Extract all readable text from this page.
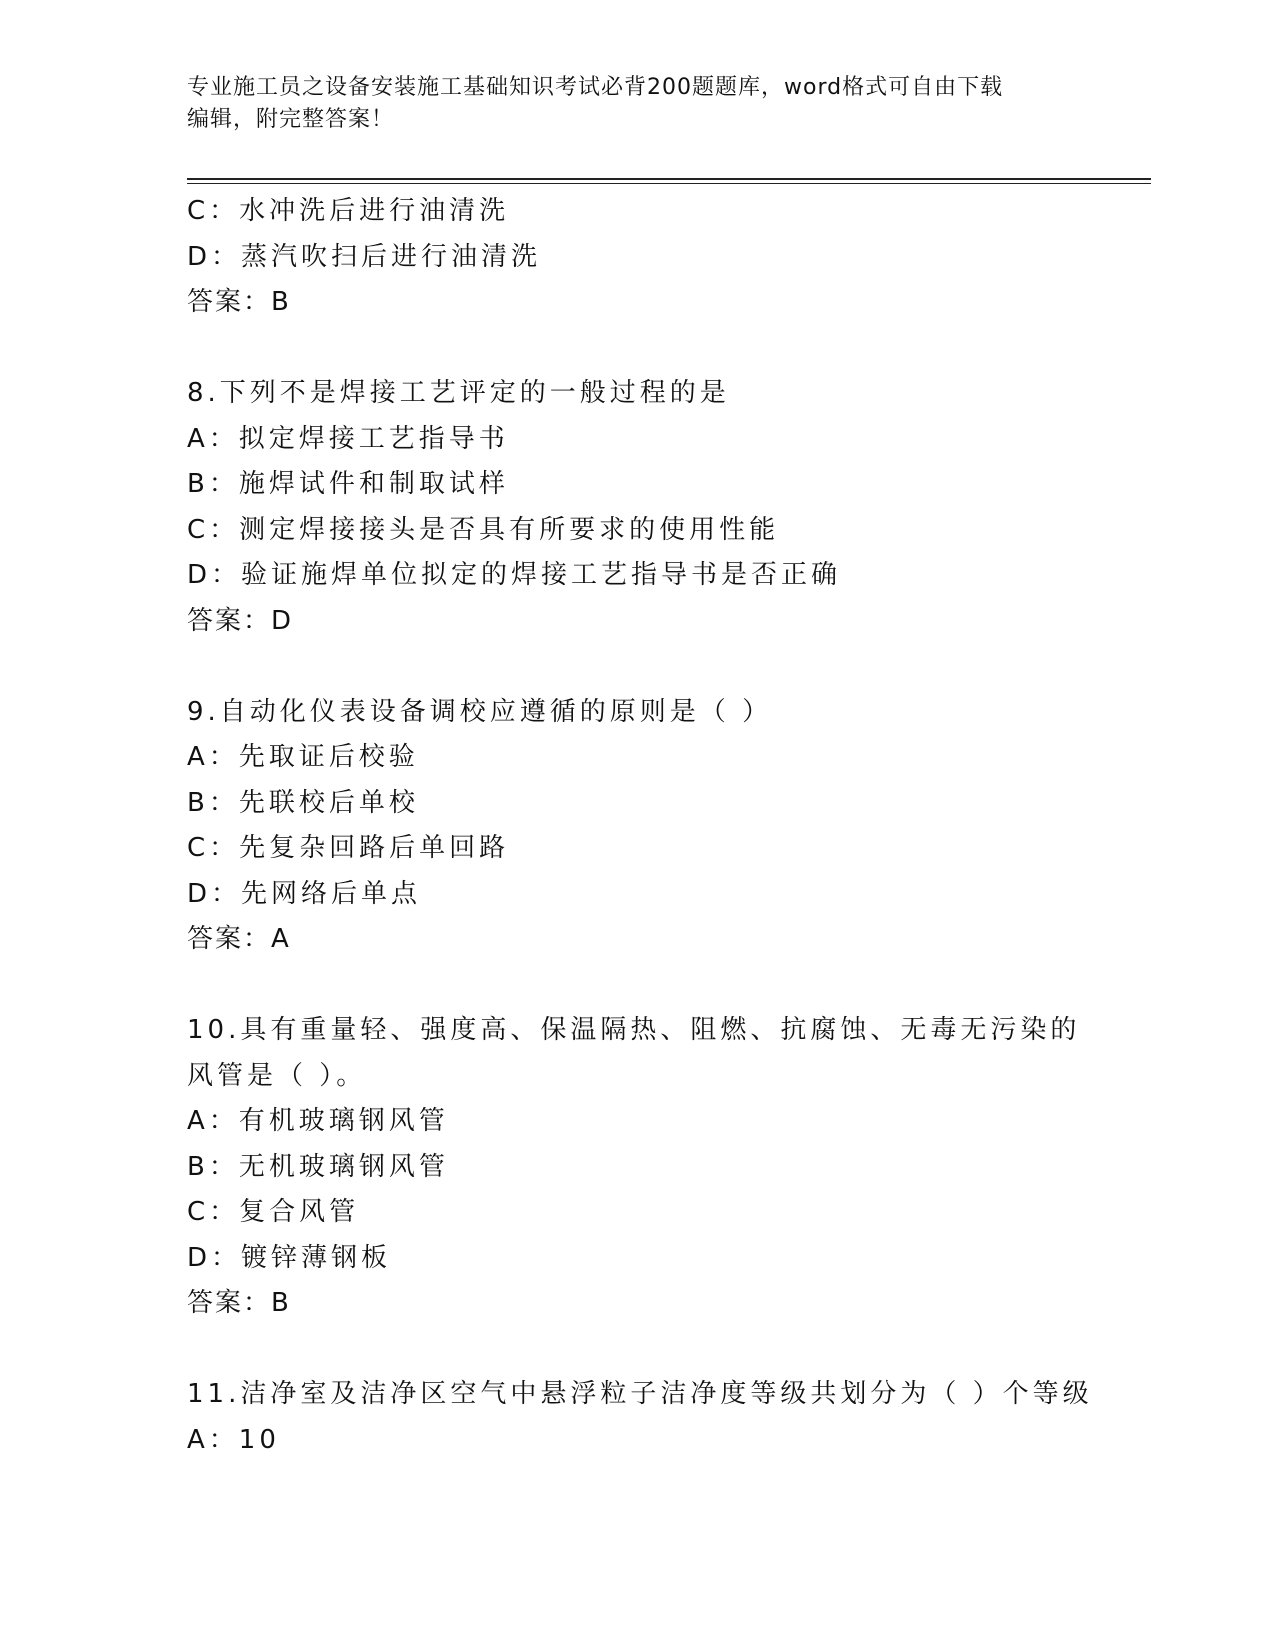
专业施工员之设备安装施工基础知识考试必背200题题库，word格式可自由下载
编辑，附完整答案！
C：水冲洗后进行油清洗
D：蒸汽吹扫后进行油清洗
答案：B
8.下列不是焊接工艺评定的一般过程的是
A：拟定焊接工艺指导书
B：施焊试件和制取试样
C：测定焊接接头是否具有所要求的使用性能
D：验证施焊单位拟定的焊接工艺指导书是否正确
答案：D
9.自动化仪表设备调校应遵循的原则是（ ）
A：先取证后校验
B：先联校后单校
C：先复杂回路后单回路
D：先网络后单点
答案：A
10.具有重量轻、强度高、保温隔热、阻燃、抗腐蚀、无毒无污染的风管是（ ）。
A：有机玻璃钢风管
B：无机玻璃钢风管
C：复合风管
D：镀锌薄钢板
答案：B
11.洁净室及洁净区空气中悬浮粒子洁净度等级共划分为（ ）个等级
A：10
